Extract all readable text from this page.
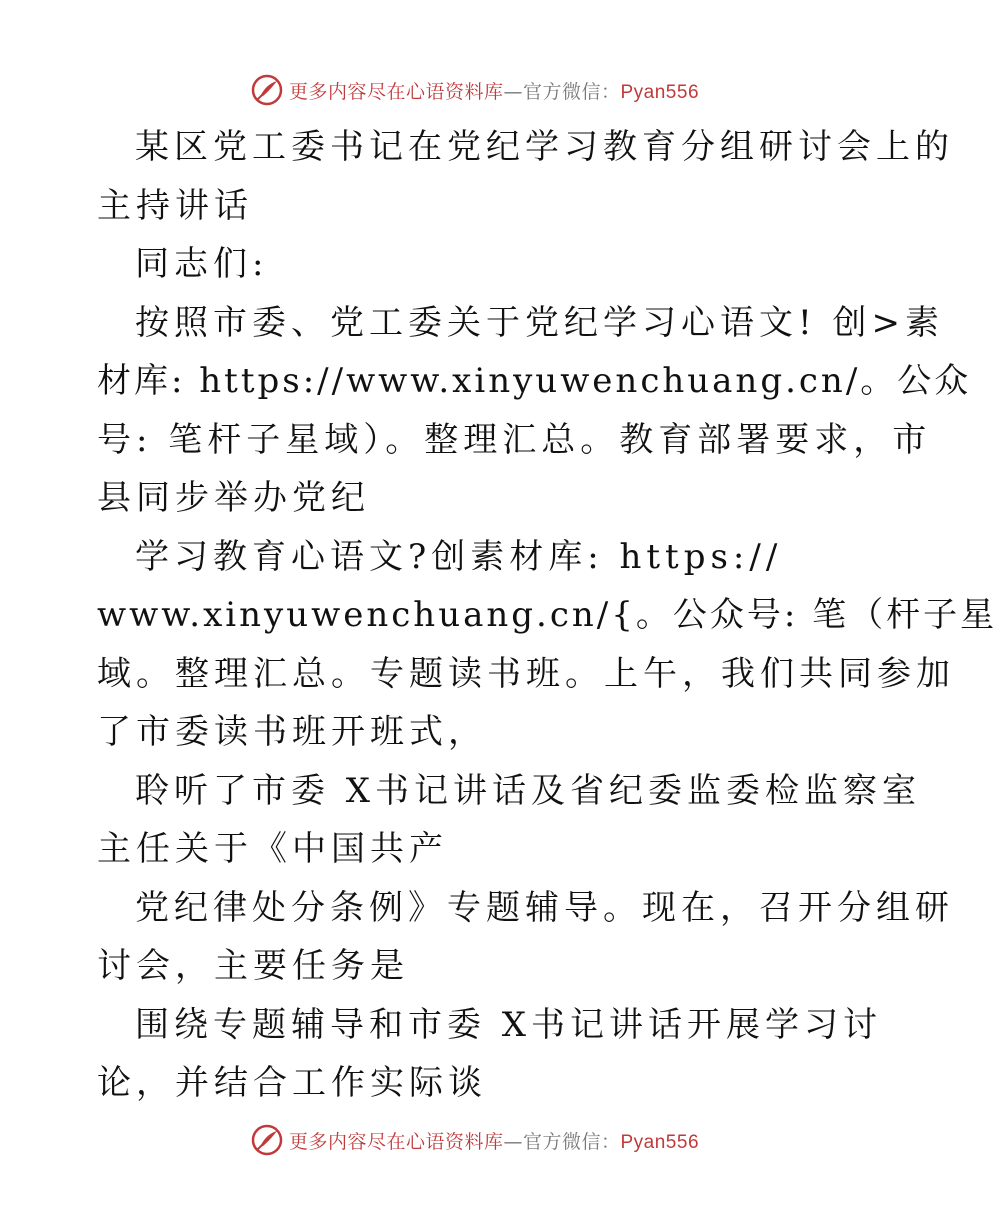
更多内容尽在心语资料库—官方微信：Pyan556
某区党工委书记在党纪学习教育分组研讨会上的
主持讲话
同志们:
按照市委、党工委关于党纪学习心语文! 创>素
材库: https://www.xinyuwenchuang.cn/。公众
号: 笔杆子星域）。整理汇总。教育部署要求，市
县同步举办党纪
学习教育心语文?创素材库: https://
www.xinyuwenchuang.cn/{。公众号: 笔（杆子星
域。整理汇总。专题读书班。上午，我们共同参加
了市委读书班开班式，
聆听了市委 X书记讲话及省纪委监委检监察室
主任关于《中国共产
党纪律处分条例》专题辅导。现在，召开分组研
讨会，主要任务是
围绕专题辅导和市委 X书记讲话开展学习讨
论，并结合工作实际谈
更多内容尽在心语资料库—官方微信：Pyan556
